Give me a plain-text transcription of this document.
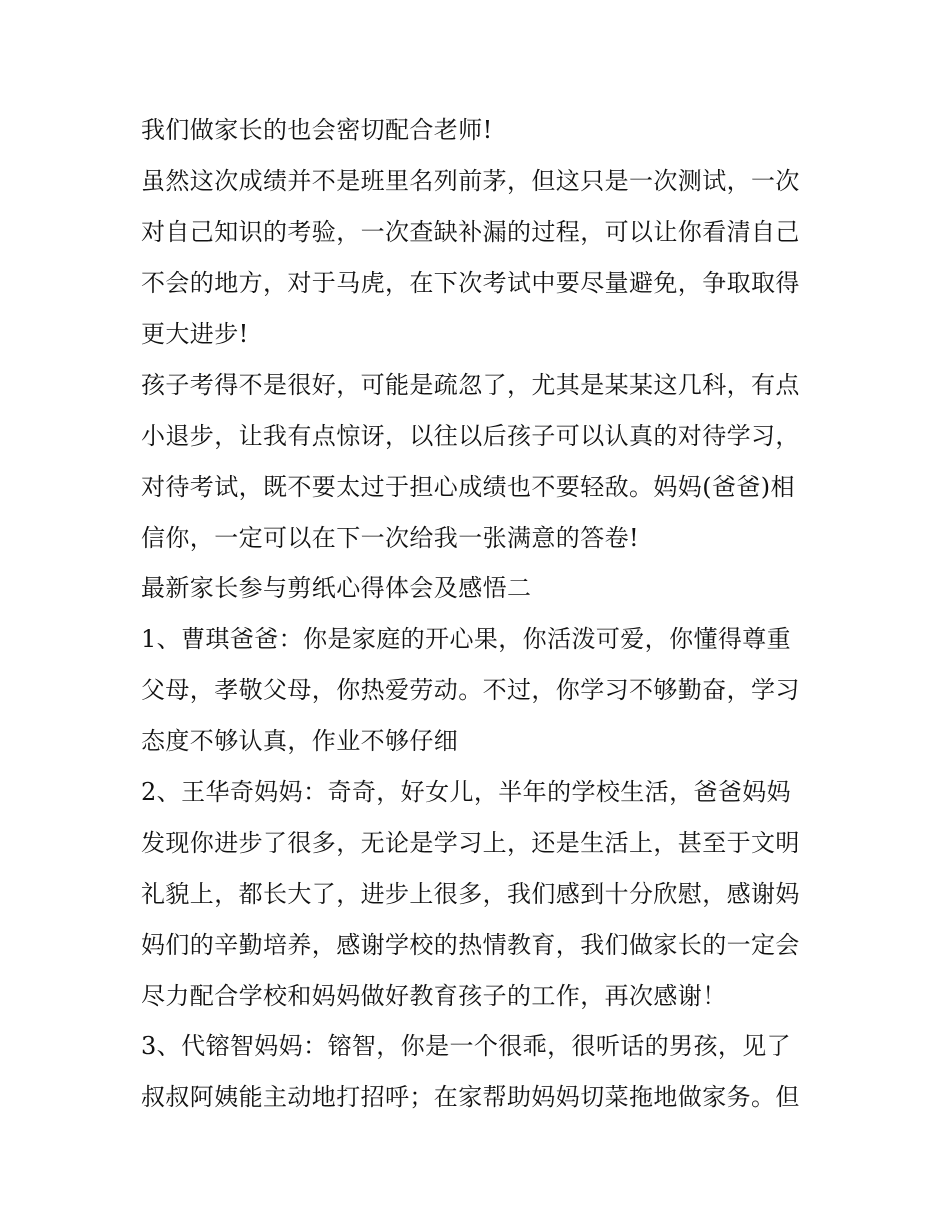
我们做家长的也会密切配合老师!
虽然这次成绩并不是班里名列前茅，但这只是一次测试，一次
对自己知识的考验，一次查缺补漏的过程，可以让你看清自己
不会的地方，对于马虎，在下次考试中要尽量避免，争取取得
更大进步!
孩子考得不是很好，可能是疏忽了，尤其是某某这几科，有点
小退步，让我有点惊讶，以往以后孩子可以认真的对待学习，
对待考试，既不要太过于担心成绩也不要轻敌。妈妈(爸爸)相
信你，一定可以在下一次给我一张满意的答卷!
最新家长参与剪纸心得体会及感悟二
1、曹琪爸爸：你是家庭的开心果，你活泼可爱，你懂得尊重
父母，孝敬父母，你热爱劳动。不过，你学习不够勤奋，学习
态度不够认真，作业不够仔细
2、王华奇妈妈：奇奇，好女儿，半年的学校生活，爸爸妈妈
发现你进步了很多，无论是学习上，还是生活上，甚至于文明
礼貌上，都长大了，进步上很多，我们感到十分欣慰，感谢妈
妈们的辛勤培养，感谢学校的热情教育，我们做家长的一定会
尽力配合学校和妈妈做好教育孩子的工作，再次感谢！
3、代镕智妈妈：镕智，你是一个很乖，很听话的男孩，见了
叔叔阿姨能主动地打招呼；在家帮助妈妈切菜拖地做家务。但
